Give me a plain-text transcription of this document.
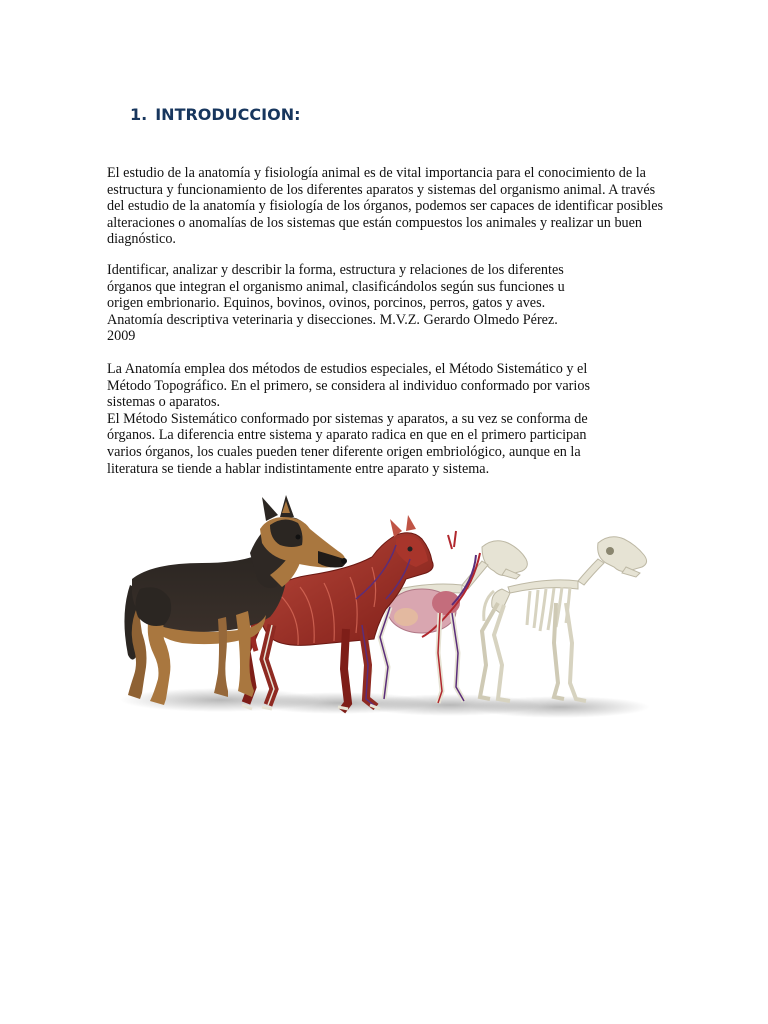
1. INTRODUCCION:
El estudio de la anatomía y fisiología animal es de vital importancia para el conocimiento de la
estructura y funcionamiento de los diferentes aparatos y sistemas del organismo animal. A través
del estudio de la anatomía y fisiología de los órganos, podemos ser capaces de identificar posibles
alteraciones o anomalías de los sistemas que están compuestos los animales y realizar un buen
diagnóstico.
Identificar, analizar y describir la forma, estructura y relaciones de los diferentes
órganos que integran el organismo animal, clasificándolos según sus funciones u
origen embrionario. Equinos, bovinos, ovinos, porcinos, perros, gatos y aves.
Anatomía descriptiva veterinaria y disecciones. M.V.Z. Gerardo Olmedo Pérez.
2009
La Anatomía emplea dos métodos de estudios especiales, el Método Sistemático y el
Método Topográfico. En el primero, se considera al individuo conformado por varios
sistemas o aparatos.
El Método Sistemático conformado por sistemas y aparatos, a su vez se conforma de
órganos. La diferencia entre sistema y aparato radica en que en el primero participan
varios órganos, los cuales pueden tener diferente origen embriológico, aunque en la
literatura se tiende a hablar indistintamente entre aparato y sistema.
